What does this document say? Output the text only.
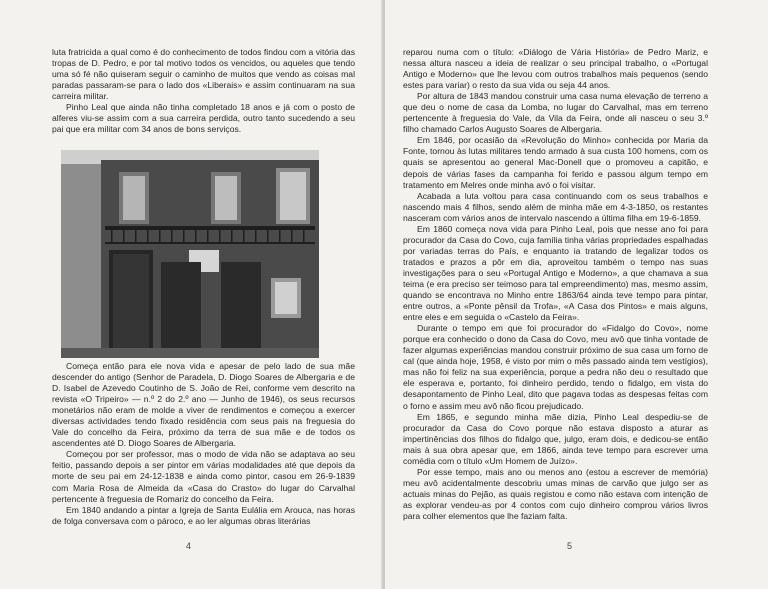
luta fratricida a qual como é do conhecimento de todos findou com a vitória das tropas de D. Pedro, e por tal motivo todos os vencidos, ou aqueles que tendo uma só fé não quiseram seguir o caminho de muitos que vendo as coisas mal paradas passaram-se para o lado dos «Liberais» e assim continuaram na sua carreira militar.

Pinho Leal que ainda não tinha completado 18 anos e já com o posto de alferes viu-se assim com a sua carreira perdida, outro tanto sucedendo a seu pai que era militar com 34 anos de bons serviços.

Começa então para ele nova vida e apesar de pelo lado de sua mãe descender do antigo (Senhor de Paradela, D. Diogo Soares de Albergaria e de D. Isabel de Azevedo Coutinho de S. João de Rei, conforme vem descrito na revista «O Tripeiro» — n.º 2 do 2.º ano — Junho de 1946), os seus recursos monetários não eram de molde a viver de rendimentos e começou a exercer diversas actividades tendo fixado residência com seus pais na freguesia do Vale do concelho da Feira, próximo da terra de sua mãe e de todos os ascendentes até D. Diogo Soares de Albergaria.

Começou por ser professor, mas o modo de vida não se adaptava ao seu feitio, passando depois a ser pintor em várias modalidades até que depois da morte de seu pai em 24-12-1838 e ainda como pintor, casou em 26-9-1839 com Maria Rosa de Almeida da «Casa do Crasto» do lugar do Carvalhal pertencente à freguesia de Romariz do concelho da Feira.

Em 1840 andando a pintar a Igreja de Santa Eulália em Arouca, nas horas de folga conversava com o pároco, e ao ler algumas obras literárias

4

reparou numa com o título: «Diálogo de Vária História» de Pedro Mariz, e nessa altura nasceu a ideia de realizar o seu principal trabalho, o «Portugal Antigo e Moderno» que lhe levou com outros trabalhos mais pequenos (sendo estes para variar) o resto da sua vida ou seja 44 anos.

Por altura de 1843 mandou construir uma casa numa elevação de terreno a que deu o nome de casa da Lomba, no lugar do Carvalhal, mas em terreno pertencente à freguesia do Vale, da Vila da Feira, onde ali nasceu o seu 3.º filho chamado Carlos Augusto Soares de Albergaria.

Em 1846, por ocasião da «Revolução do Minho» conhecida por Maria da Fonte, tornou às lutas militares tendo armado à sua custa 100 homens, com os quais se apresentou ao general Mac-Donell que o promoveu a capitão, e depois de várias fases da campanha foi ferido e passou algum tempo em tratamento em Melres onde minha avó o foi visitar.

Acabada a luta voltou para casa continuando com os seus trabalhos e nascendo mais 4 filhos, sendo além de minha mãe em 4-3-1850, os restantes nasceram com vários anos de intervalo nascendo a última filha em 19-6-1859.

Em 1860 começa nova vida para Pinho Leal, pois que nesse ano foi para procurador da Casa do Covo, cuja família tinha várias propriedades espalhadas por variadas terras do País, e enquanto ia tratando de legalizar todos os tratados e prazos a pôr em dia, aproveitou também o tempo nas suas investigações para o seu «Portugal Antigo e Moderno», a que chamava a sua teima (e era preciso ser teimoso para tal empreendimento) mas, mesmo assim, quando se encontrava no Minho entre 1863/64 ainda teve tempo para pintar, entre outros, a «Ponte pênsil da Trofa», «A Casa dos Pintos» e mais alguns, entre eles e em seguida o «Castelo da Feira».

Durante o tempo em que foi procurador do «Fidalgo do Covo», nome porque era conhecido o dono da Casa do Covo, meu avô que tinha vontade de fazer algumas experiências mandou construir próximo de sua casa um forno de cal (que ainda hoje, 1958, é visto por mim o mês passado ainda tem vestígios), mas não foi feliz na sua experiência, porque a pedra não deu o resultado que ele esperava e, portanto, foi dinheiro perdido, tendo o fidalgo, em vista do desapontamento de Pinho Leal, dito que pagava todas as despesas feitas com o forno e assim meu avô não ficou prejudicado.

Em 1865, e segundo minha mãe dizia, Pinho Leal despediu-se de procurador da Casa do Covo porque não estava disposto a aturar as impertinências dos filhos do fidalgo que, julgo, eram dois, e dedicou-se então mais à sua obra apesar que, em 1866, ainda teve tempo para escrever uma comédia com o título «Um Homem de Juízo».

Por esse tempo, mais ano ou menos ano (estou a escrever de memória) meu avô acidentalmente descobriu umas minas de carvão que julgo ser as actuais minas do Pejão, as quais registou e como não estava com intenção de as explorar vendeu-as por 4 contos com cujo dinheiro comprou vários livros para colher elementos que lhe faziam falta.

5
